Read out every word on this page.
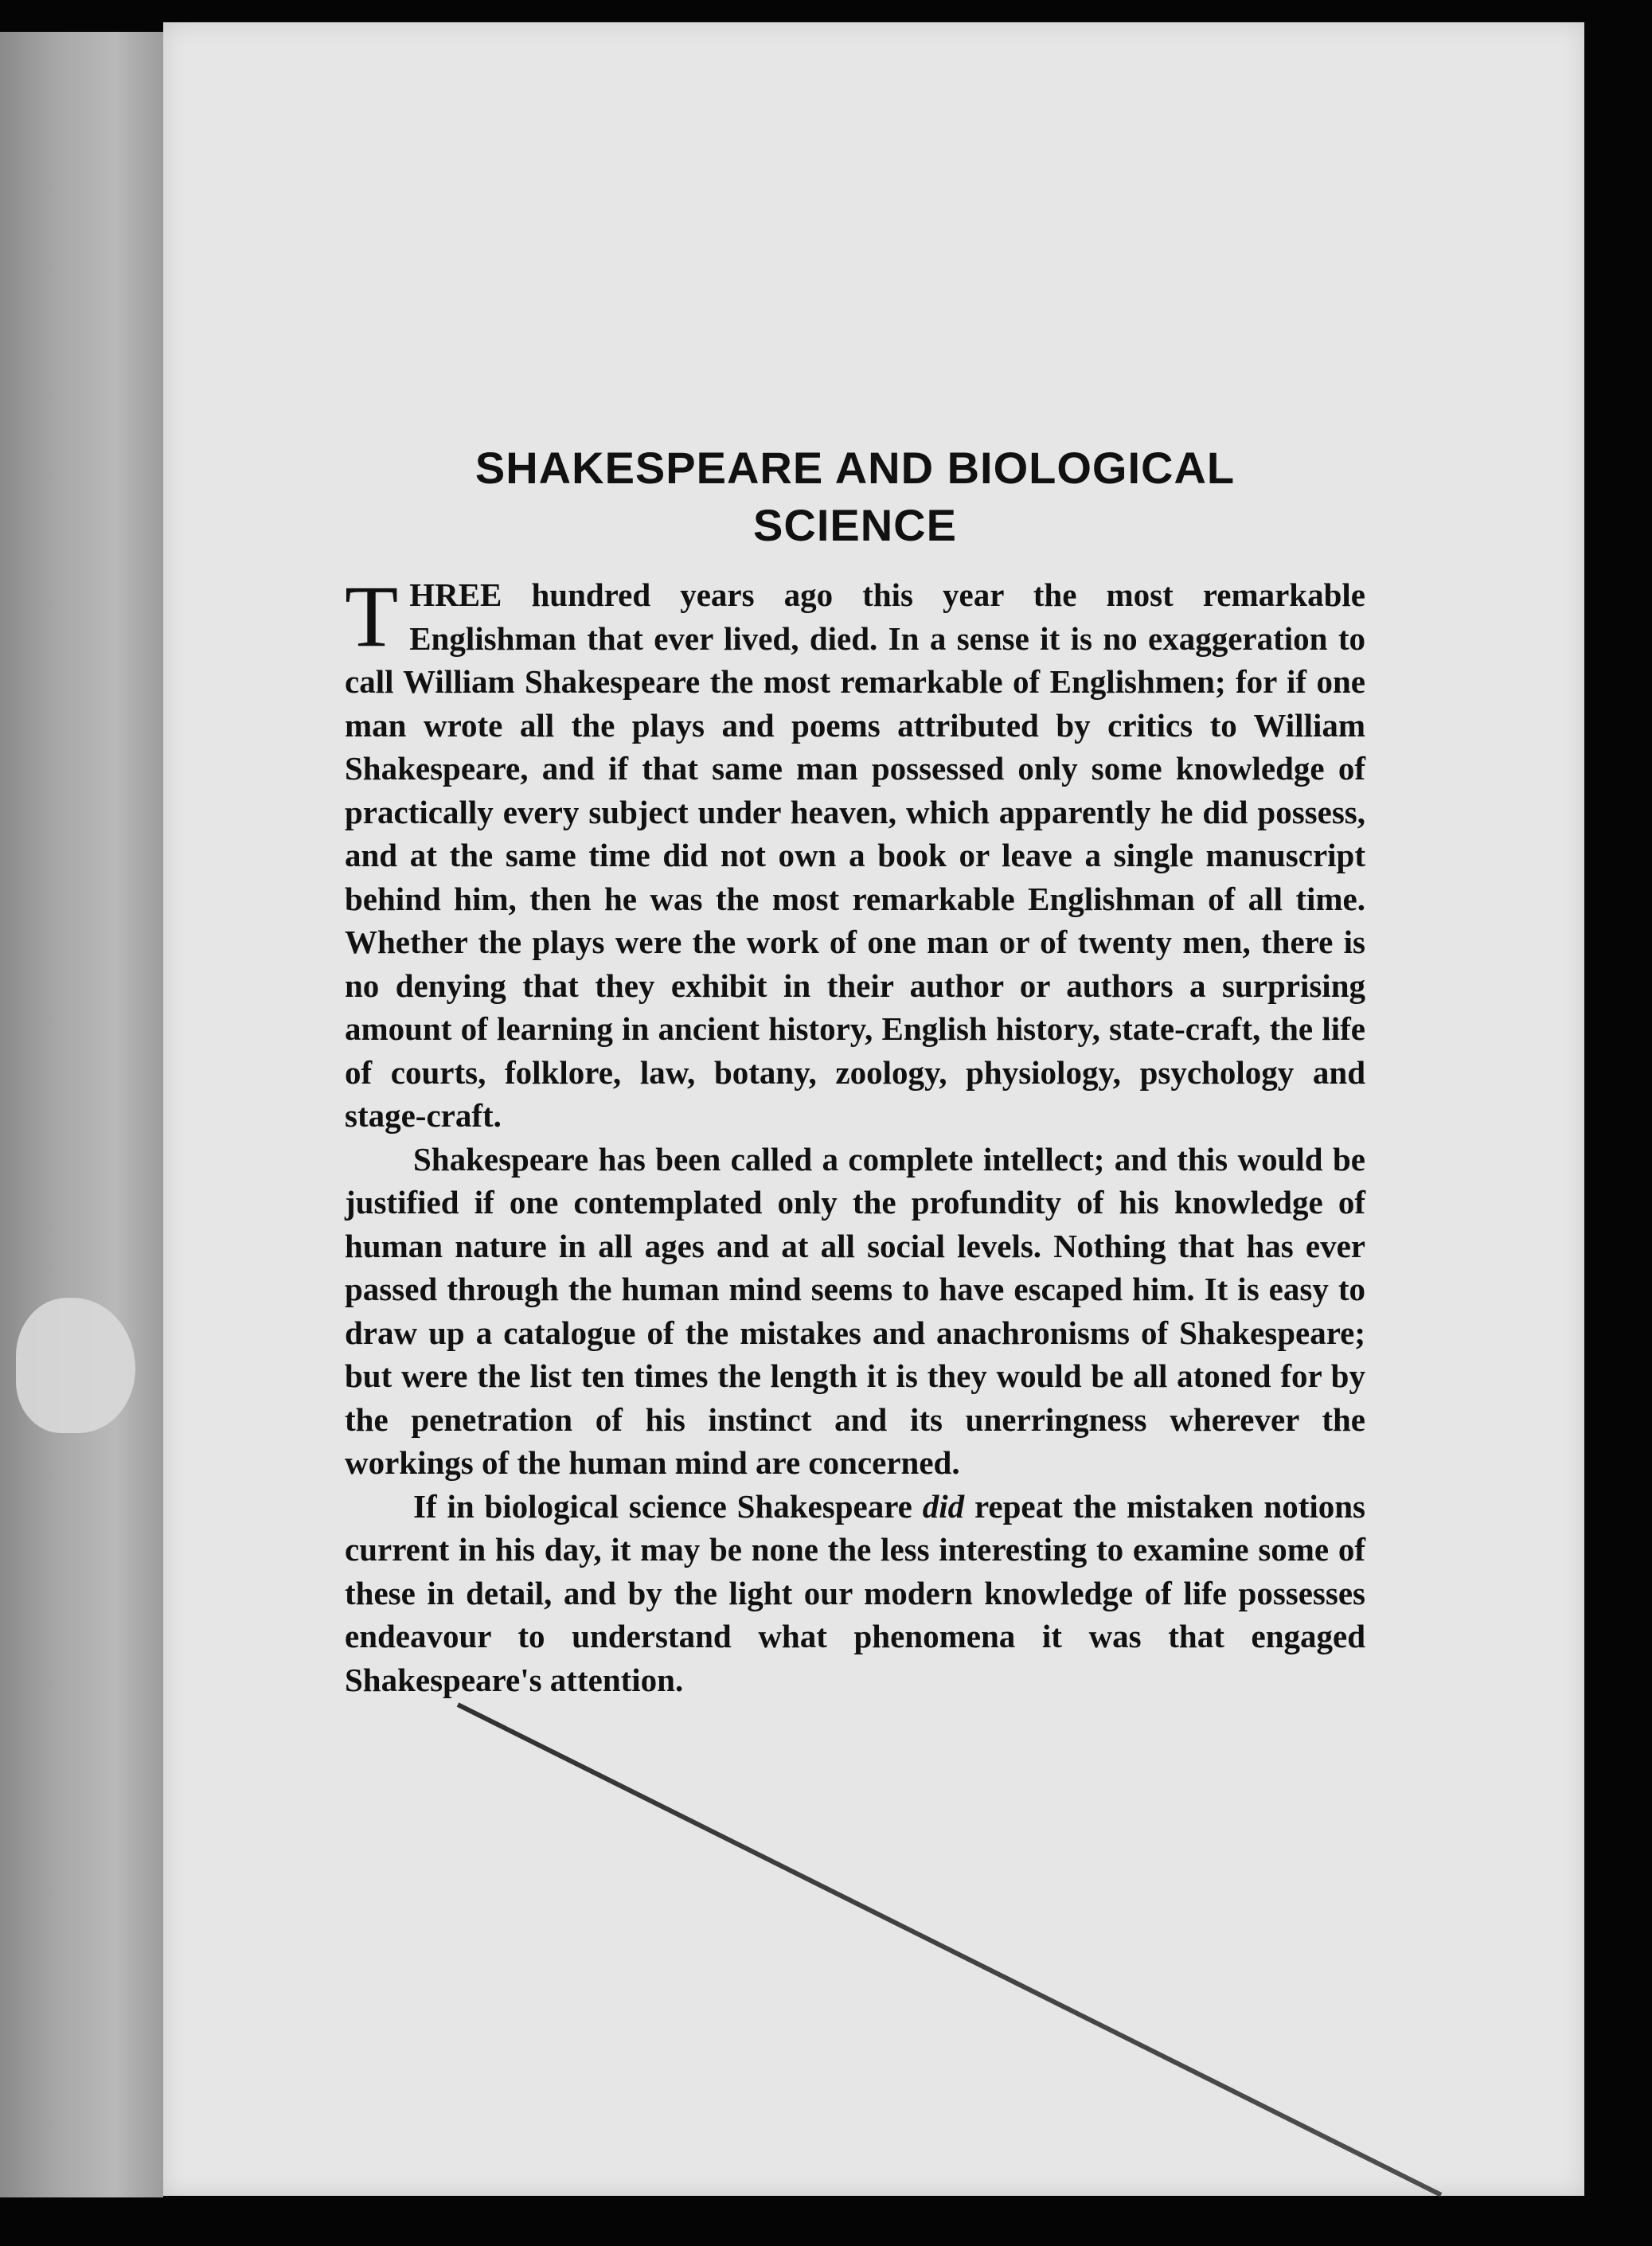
SHAKESPEARE AND BIOLOGICAL
SCIENCE

T HREE hundred years ago this year the most remarkable Englishman that ever lived, died. In a sense it is no exaggeration to call William Shakespeare the most remarkable of Englishmen; for if one man wrote all the plays and poems attributed by critics to William Shakespeare, and if that same man possessed only some knowledge of practically every subject under heaven, which apparently he did possess, and at the same time did not own a book or leave a single manuscript behind him, then he was the most remarkable Englishman of all time. Whether the plays were the work of one man or of twenty men, there is no denying that they exhibit in their author or authors a surprising amount of learning in ancient history, English history, state-craft, the life of courts, folklore, law, botany, zoology, physiology, psychology and stage-craft.

Shakespeare has been called a complete intellect; and this would be justified if one contemplated only the profundity of his knowledge of human nature in all ages and at all social levels. Nothing that has ever passed through the human mind seems to have escaped him. It is easy to draw up a catalogue of the mistakes and anachronisms of Shakespeare; but were the list ten times the length it is they would be all atoned for by the penetration of his instinct and its unerringness wherever the workings of the human mind are concerned.

If in biological science Shakespeare did repeat the mistaken notions current in his day, it may be none the less interesting to examine some of these in detail, and by the light our modern knowledge of life possesses endeavour to understand what phenomena it was that engaged Shakespeare's attention.
